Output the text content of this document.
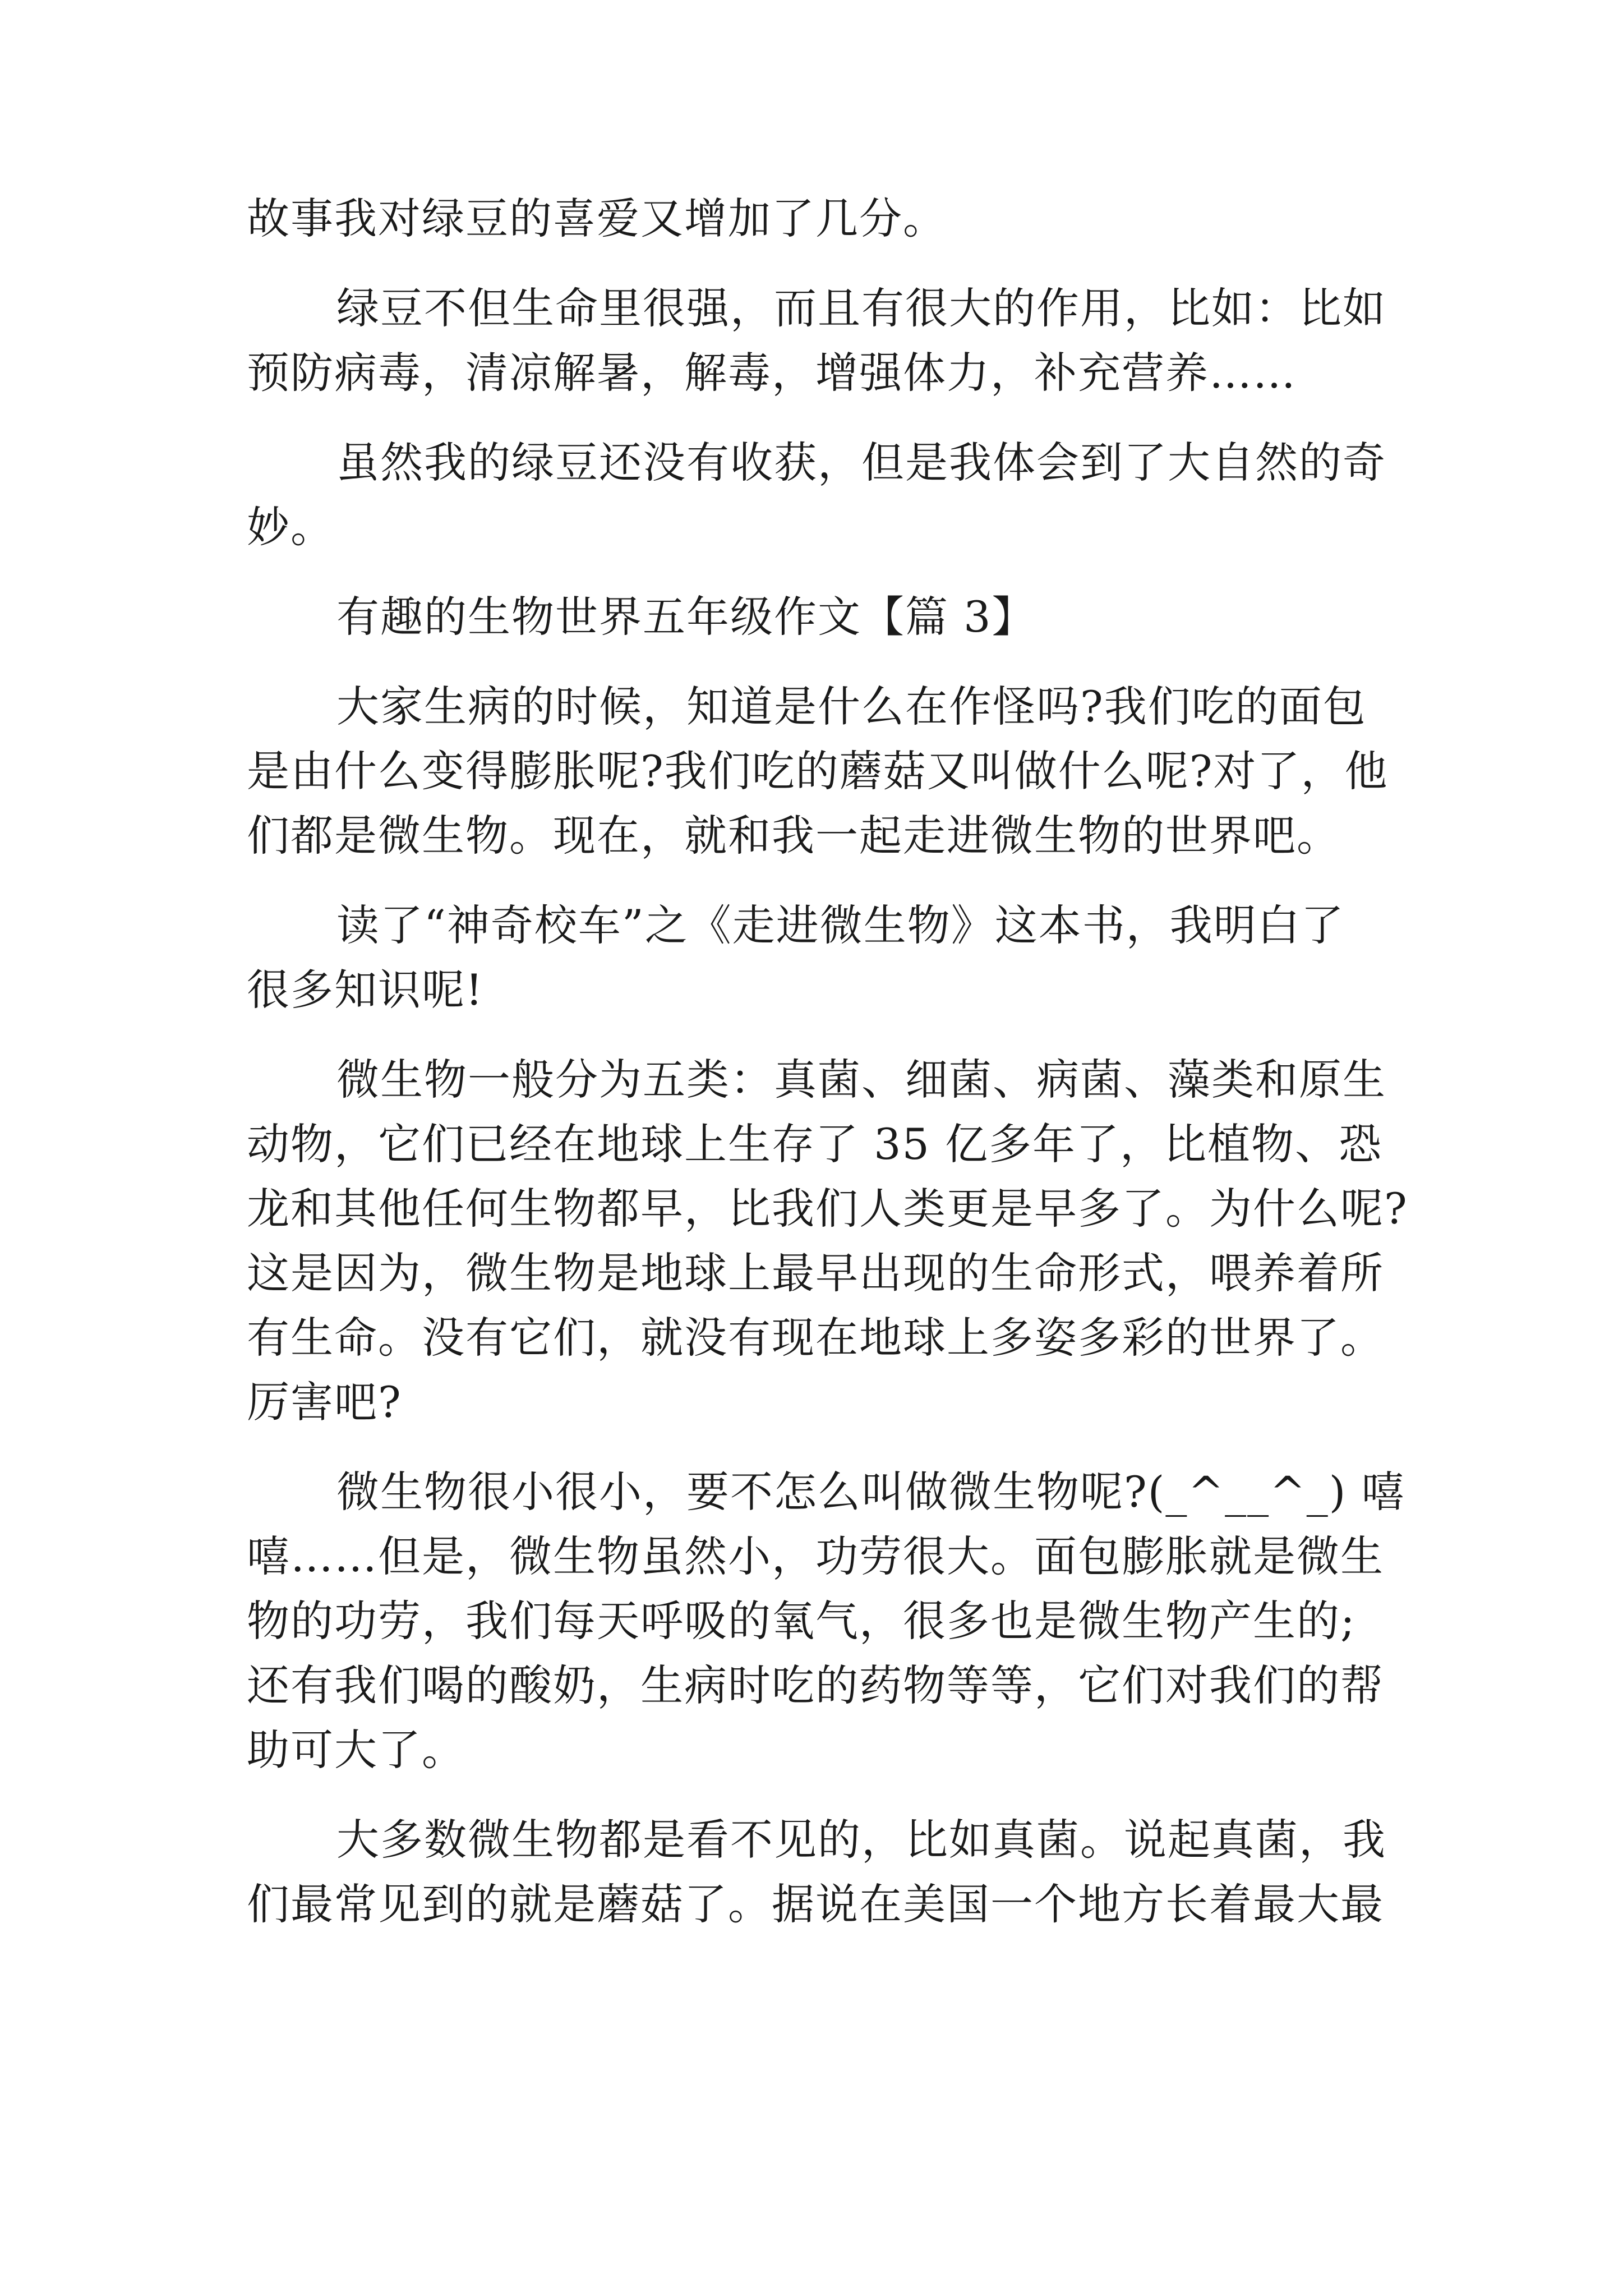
故事我对绿豆的喜爱又增加了几分。
绿豆不但生命里很强，而且有很大的作用，比如：比如
预防病毒，清凉解暑，解毒，增强体力，补充营养……
虽然我的绿豆还没有收获，但是我体会到了大自然的奇
妙。
有趣的生物世界五年级作文【篇 3】
大家生病的时候，知道是什么在作怪吗?我们吃的面包
是由什么变得膨胀呢?我们吃的蘑菇又叫做什么呢?对了，他
们都是微生物。现在，就和我一起走进微生物的世界吧。
读了“神奇校车”之《走进微生物》这本书，我明白了
很多知识呢!
微生物一般分为五类：真菌、细菌、病菌、藻类和原生
动物，它们已经在地球上生存了 35 亿多年了，比植物、恐
龙和其他任何生物都早，比我们人类更是早多了。为什么呢?
这是因为，微生物是地球上最早出现的生命形式，喂养着所
有生命。没有它们，就没有现在地球上多姿多彩的世界了。
厉害吧?
微生物很小很小，要不怎么叫做微生物呢?(_^__^_) 嘻
嘻……但是，微生物虽然小，功劳很大。面包膨胀就是微生
物的功劳，我们每天呼吸的氧气，很多也是微生物产生的;
还有我们喝的酸奶，生病时吃的药物等等，它们对我们的帮
助可大了。
大多数微生物都是看不见的，比如真菌。说起真菌，我
们最常见到的就是蘑菇了。据说在美国一个地方长着最大最
